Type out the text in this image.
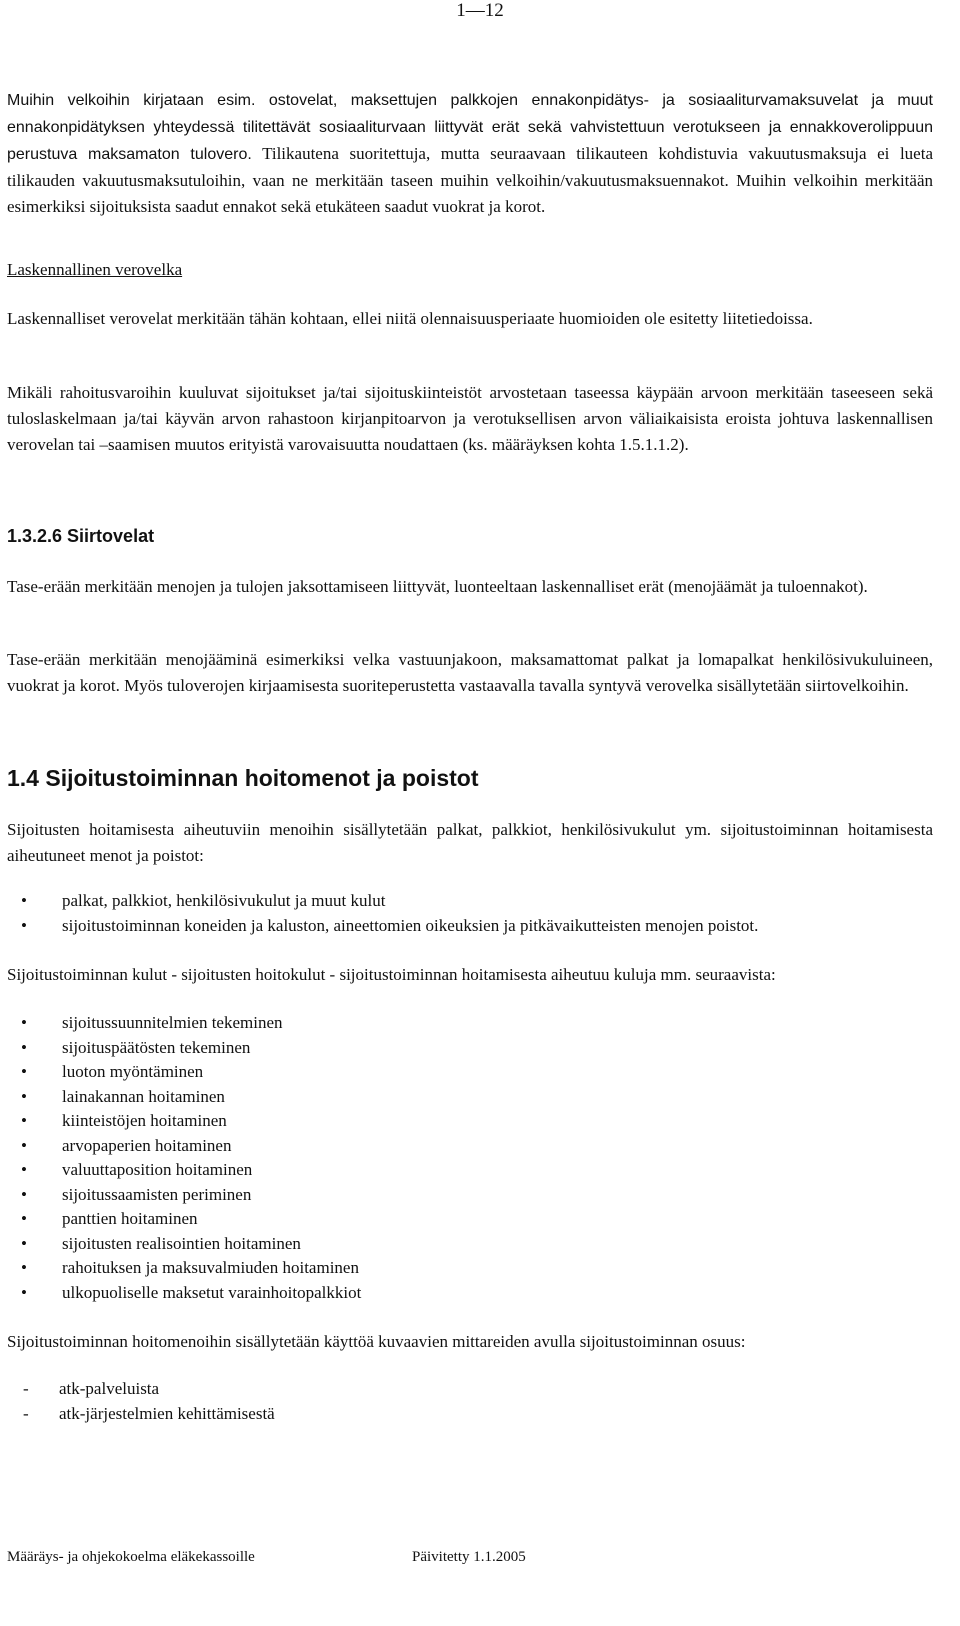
1—12

Muihin velkoihin kirjataan esim. ostovelat, maksettujen palkkojen ennakonpidätys- ja sosiaaliturvamaksuvelat ja muut ennakonpidätyksen yhteydessä tilitettävät sosiaaliturvaan liittyvät erät sekä vahvistettuun verotukseen ja ennakkoverolippuun perustuva maksamaton tulovero. Tilikautena suoritettuja, mutta seuraavaan tilikauteen kohdistuvia vakuutusmaksuja ei lueta tilikauden vakuutusmaksutuloihin, vaan ne merkitään taseen muihin velkoihin/vakuutusmaksuennakot. Muihin velkoihin merkitään esimerkiksi sijoituksista saadut ennakot sekä etukäteen saadut vuokrat ja korot.

Laskennallinen verovelka

Laskennalliset verovelat merkitään tähän kohtaan, ellei niitä olennaisuusperiaate huomioiden ole esitetty liitetiedoissa.

Mikäli rahoitusvaroihin kuuluvat sijoitukset ja/tai sijoituskiinteistöt arvostetaan taseessa käypään arvoon merkitään taseeseen sekä tuloslaskelmaan ja/tai käyvän arvon rahastoon kirjanpitoarvon ja verotuksellisen arvon väliaikaisista eroista johtuva laskennallisen verovelan tai –saamisen muutos erityistä varovaisuutta noudattaen (ks. määräyksen kohta 1.5.1.1.2).

1.3.2.6 Siirtovelat

Tase-erään merkitään menojen ja tulojen jaksottamiseen liittyvät, luonteeltaan laskennalliset erät (menojäämät ja tuloennakot).

Tase-erään merkitään menojääminä esimerkiksi velka vastuunjakoon, maksamattomat palkat ja lomapalkat henkilösivukuluineen, vuokrat ja korot. Myös tuloverojen kirjaamisesta suoriteperustetta vastaavalla tavalla syntyvä verovelka sisällytetään siirtovelkoihin.

1.4 Sijoitustoiminnan hoitomenot ja poistot

Sijoitusten hoitamisesta aiheutuviin menoihin sisällytetään palkat, palkkiot, henkilösivukulut ym. sijoitustoiminnan hoitamisesta aiheutuneet menot ja poistot:

• palkat, palkkiot, henkilösivukulut ja muut kulut
• sijoitustoiminnan koneiden ja kaluston, aineettomien oikeuksien ja pitkävaikutteisten menojen poistot.

Sijoitustoiminnan kulut - sijoitusten hoitokulut - sijoitustoiminnan hoitamisesta aiheutuu kuluja mm. seuraavista:

• sijoitussuunnitelmien tekeminen
• sijoituspäätösten tekeminen
• luoton myöntäminen
• lainakannan hoitaminen
• kiinteistöjen hoitaminen
• arvopaperien hoitaminen
• valuuttaposition hoitaminen
• sijoitussaamisten periminen
• panttien hoitaminen
• sijoitusten realisointien hoitaminen
• rahoituksen ja maksuvalmiuden hoitaminen
• ulkopuoliselle maksetut varainhoitopalkkiot

Sijoitustoiminnan hoitomenoihin sisällytetään käyttöä kuvaavien mittareiden avulla sijoitustoiminnan osuus:

- atk-palveluista
- atk-järjestelmien kehittämisestä
Määräys- ja ohjekokoelma eläkekassoille	Päivitetty 1.1.2005
